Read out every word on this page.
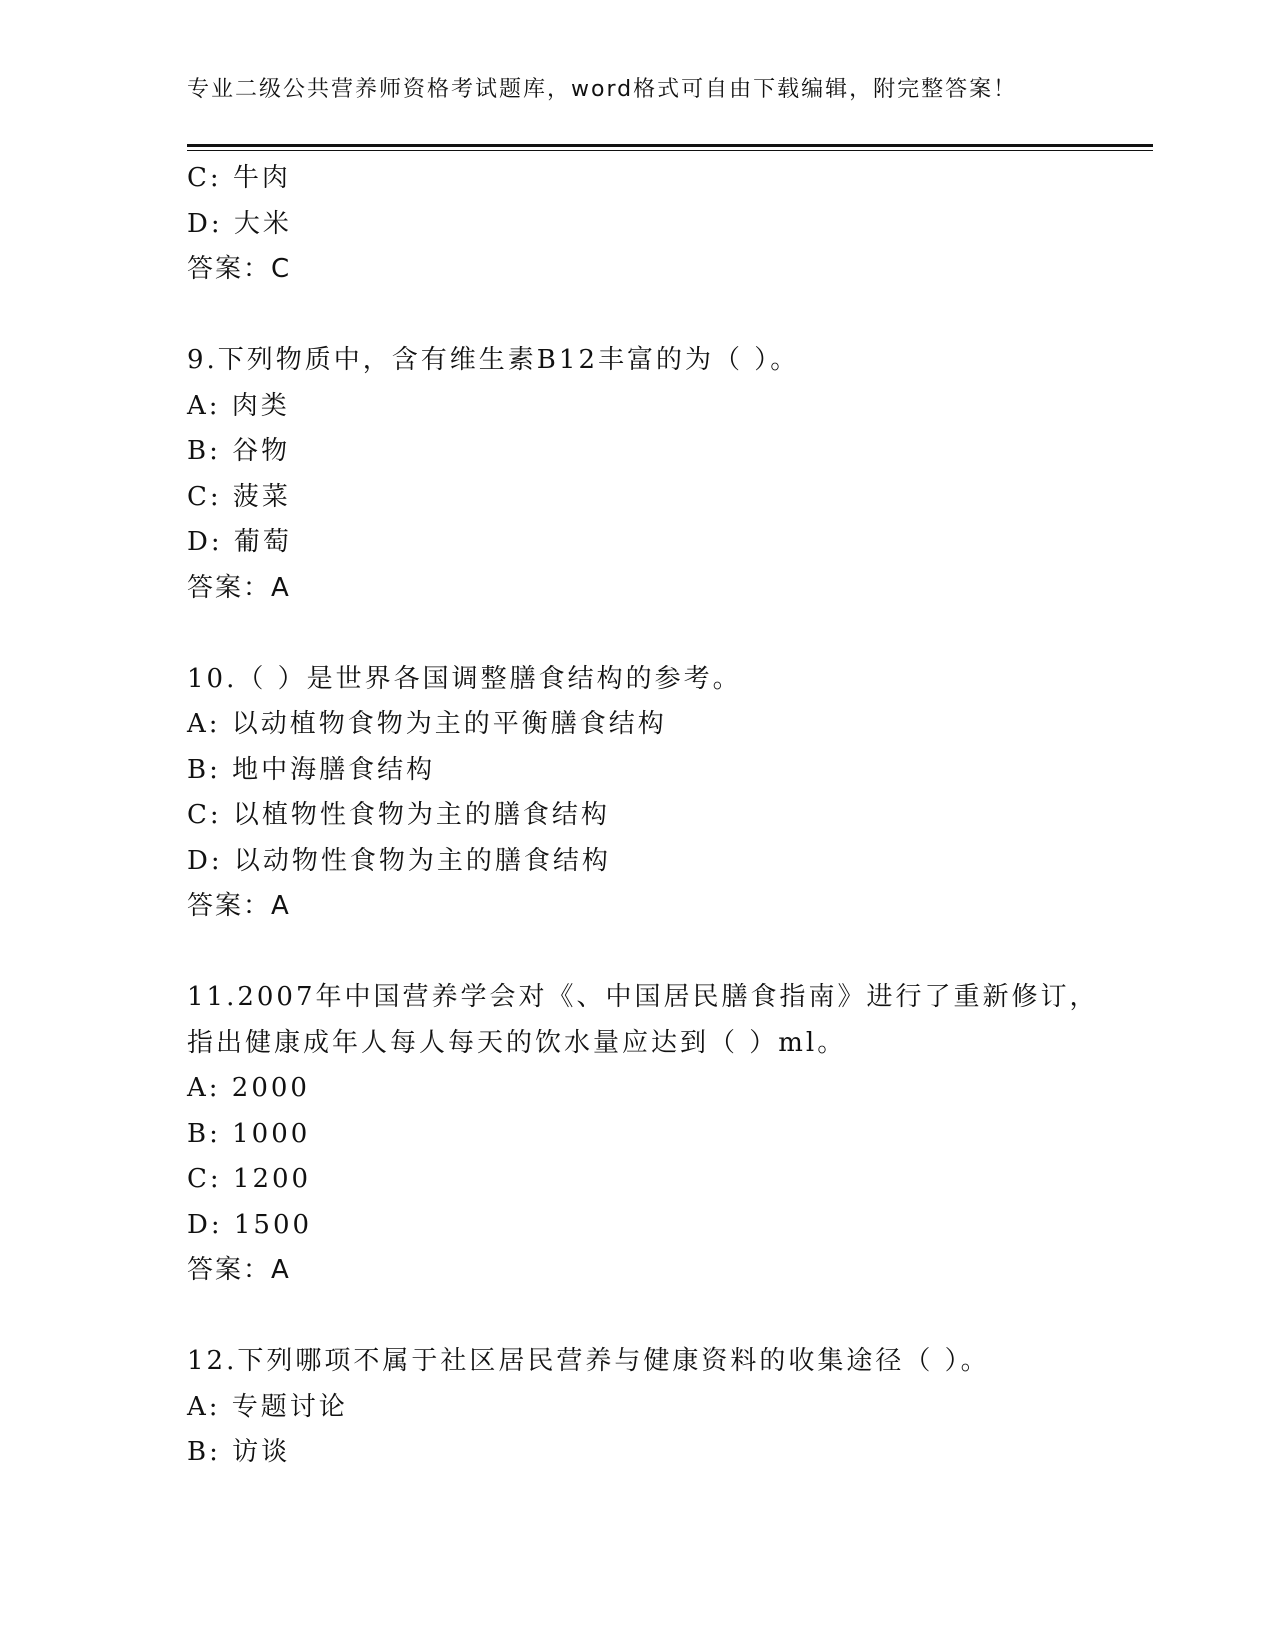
专业二级公共营养师资格考试题库，word格式可自由下载编辑，附完整答案！
C: 牛肉
D: 大米
答案：C
9.下列物质中，含有维生素B12丰富的为（ ）。
A: 肉类
B: 谷物
C: 菠菜
D: 葡萄
答案：A
10.（ ）是世界各国调整膳食结构的参考。
A: 以动植物食物为主的平衡膳食结构
B: 地中海膳食结构
C: 以植物性食物为主的膳食结构
D: 以动物性食物为主的膳食结构
答案：A
11.2007年中国营养学会对《、中国居民膳食指南》进行了重新修订，
指出健康成年人每人每天的饮水量应达到（ ）ml。
A: 2000
B: 1000
C: 1200
D: 1500
答案：A
12.下列哪项不属于社区居民营养与健康资料的收集途径（ ）。
A: 专题讨论
B: 访谈
